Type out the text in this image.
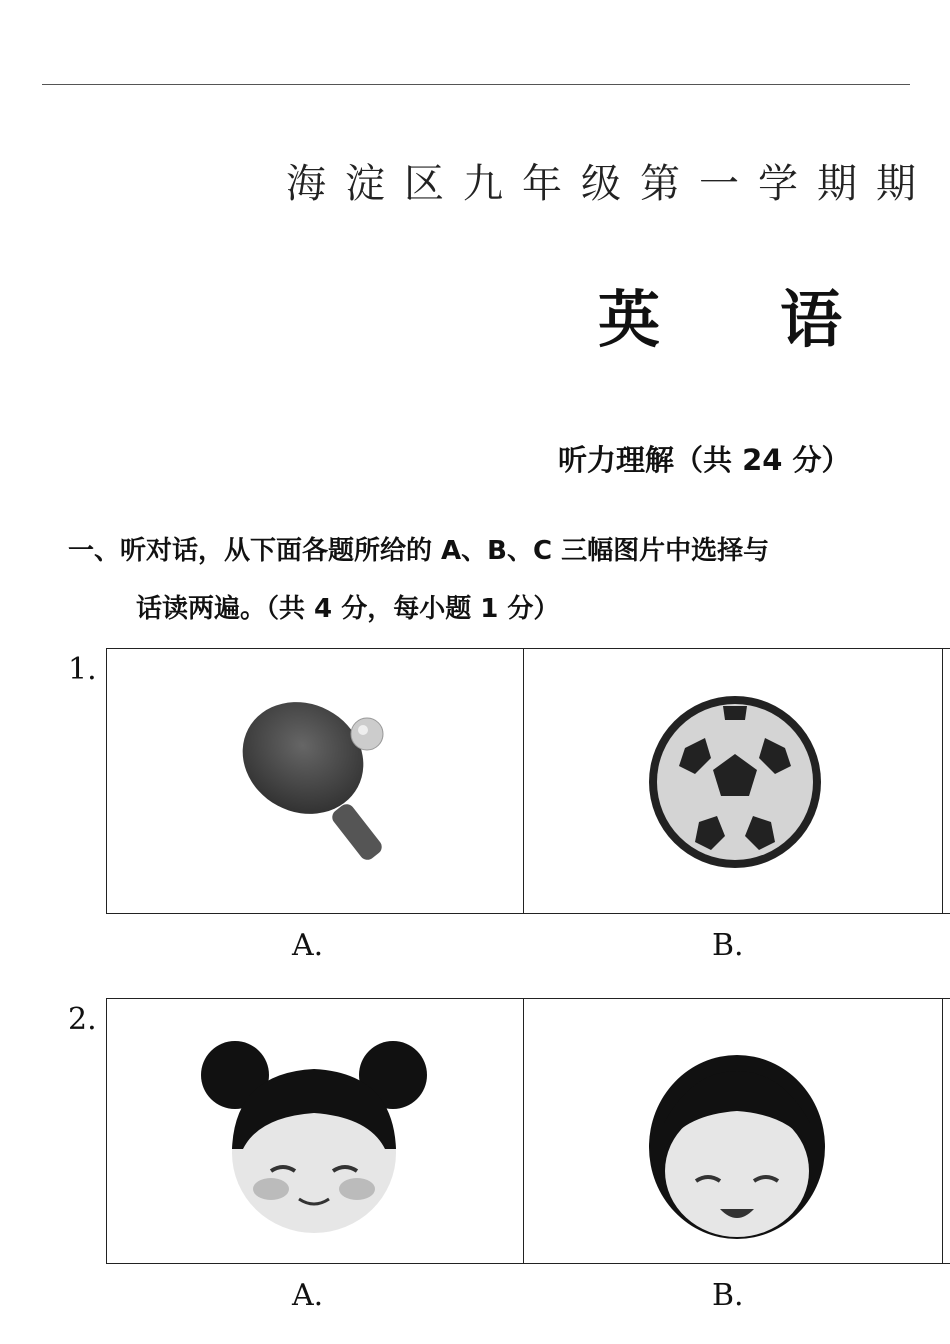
海淀区九年级第一学期期
英 语
听力理解（共 24 分）
一、听对话，从下面各题所给的 A、B、C 三幅图片中选择与
话读两遍。（共 4 分，每小题 1 分）
1.
A.	B.
2.
A.	B.
